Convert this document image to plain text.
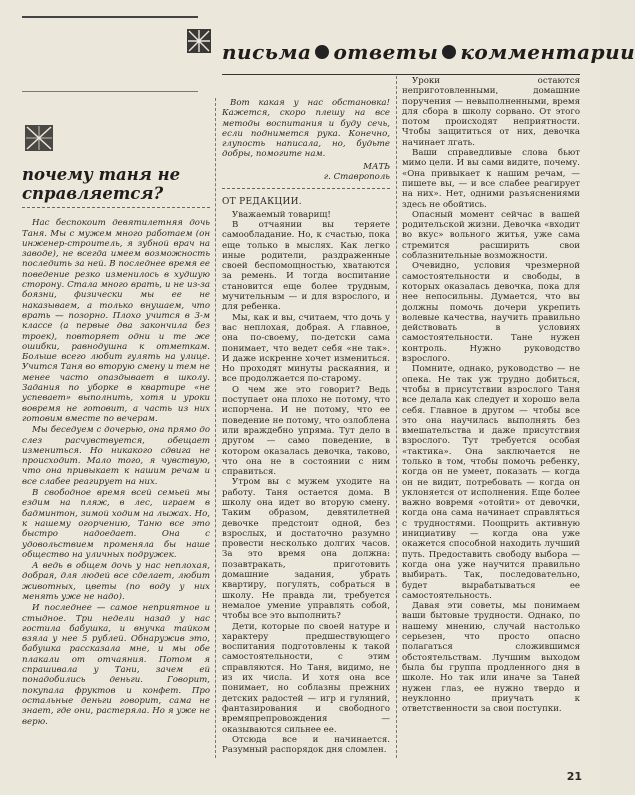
письма ответы комментарии
почему таня не справляется?

Нас беспокоит девятилетняя дочь Таня. Мы с мужем много работаем (он инженер-строитель, я зубной врач на заводе), не всегда имеем возможность последить за ней. В последнее время ее поведение резко изменилось в худшую сторону. Стала много врать, и не из-за боязни, физически мы ее не наказываем, а только внушаем, что врать — позорно. Плохо учится в 3-м классе (а первые два закончила без троек), повторяет одни и те же ошибки, равнодушна к отметкам. Больше всего любит гулять на улице. Учится Таня во вторую смену и тем не менее часто опаздывает в школу. Задания по уборке в квартире «не успевает» выполнить, хотя и уроки вовремя не готовит, а часть из них готовим вместе по вечерам.

Мы беседуем с дочерью, она прямо до слез расчувствуется, обещает измениться. Но никакого сдвига не происходит. Мало того, я чувствую, что она привыкает к нашим речам и все слабее реагирует на них.

В свободное время всей семьей мы ездим на пляж, в лес, играем в бадминтон, зимой ходим на лыжах. Но, к нашему огорчению, Таню все это быстро надоедает. Она с удовольствием променяла бы наше общество на уличных подружек.

А ведь в общем дочь у нас неплохая, добрая, для людей все сделает, любит животных, цветы (по воду у них менять уже не надо).

И последнее — самое неприятное и стыдное. Три недели назад у нас гостила бабушка, и внучка тайком взяла у нее 5 рублей. Обнаружив это, бабушка рассказала мне, и мы обе плакали от отчаяния. Потом я спрашивала у Тани, зачем ей понадобились деньги. Говорит, покупала фруктов и конфет. Про остальные деньги говорит, сама не знает, где они, растеряла. Но я уже не верю.

Вот какая у нас обстановка! Кажется, скоро плешу на все методы воспитания и буду сечь, если поднимется рука. Конечно, глупость написала, но, будьте добры, помогите нам.

МАТЬ
г. Ставрополь
ОТ РЕДАКЦИИ.

Уважаемый товарищ!

В отчаянии вы теряете самообладание. Но, к счастью, пока еще только в мыслях. Как легко иные родители, раздраженные своей беспомощностью, хватаются за ремень. И тогда воспитание становится еще более трудным, мучительным — и для взрослого, и для ребенка.

Мы, как и вы, считаем, что дочь у вас неплохая, добрая. А главное, она по-своему, по-детски сама понимает, что ведет себя «не так». И даже искренне хочет измениться. Но проходят минуты раскаяния, и все продолжается по-старому.

О чем же это говорит? Ведь поступает она плохо не потому, что испорчена. И не потому, что ее поведение не потому, что озлоблена или враждебно упряма. Тут дело в другом — само поведение, в котором оказалась девочка, таково, что она не в состоянии с ним справиться.

Утром вы с мужем уходите на работу. Таня остается дома. В школу она идет во вторую смену. Таким образом, девятилетней девочке предстоит одной, без взрослых, и достаточно разумно провести несколько долгих часов. За это время она должна: позавтракать, приготовить домашние задания, убрать квартиру, погулять, собраться в школу. Не правда ли, требуется немалое умение управлять собой, чтобы все это выполнить?

Дети, которые по своей натуре и характеру предшествующего воспитания подготовлены к такой самостоятельности, с этим справляются. Но Таня, видимо, не из их числа. И хотя она все понимает, но соблазны прежних детских радостей — игр и гуляний, фантазирования и свободного времяпрепровождения — оказываются сильнее ее.

Отсюда все и начинается. Разумный распорядок дня сломлен.

Уроки остаются неприготовленными, домашние поручения — невыполненными, время для сбора в школу сорвано. От этого потом происходят неприятности. Чтобы защититься от них, девочка начинает лгать.

Ваши справедливые слова бьют мимо цели. И вы сами видите, почему. «Она привыкает к нашим речам, — пишете вы, — и все слабее реагирует на них». Нет, одними разъяснениями здесь не обойтись.

Опасный момент сейчас в вашей родительской жизни. Девочка «входит во вкус» вольного житья, уже сама стремится расширить свои соблазнительные возможности.

Очевидно, условия чрезмерной самостоятельности и свободы, в которых оказалась девочка, пока для нее непосильны. Думается, что вы должны помочь дочери укрепить волевые качества, научить правильно действовать в условиях самостоятельности. Тане нужен контроль. Нужно руководство взрослого.

Помните, однако, руководство — не опека. Не так уж трудно добиться, чтобы в присутствии взрослого Таня все делала как следует и хорошо вела себя. Главное в другом — чтобы все это она научилась выполнять без вмешательства и даже присутствия взрослого. Тут требуется особая «тактика». Она заключается не только в том, чтобы помочь ребенку, когда он не умеет, показать — когда он не видит, потребовать — когда он уклоняется от исполнения. Еще более важно вовремя «отойти» от девочки, когда она сама начинает справляться с трудностями. Поощрить активную инициативу — когда она уже окажется способной находить лучший путь. Предоставить свободу выбора — когда она уже научится правильно выбирать. Так, последовательно, будет вырабатываться ее самостоятельность.

Давая эти советы, мы понимаем ваши бытовые трудности. Однако, по нашему мнению, случай настолько серьезен, что просто опасно полагаться сложившимся обстоятельствам. Лучшим выходом была бы группа продленного дня в школе. Но так или иначе за Таней нужен глаз, ее нужно твердо и неуклонно приучать к ответственности за свои поступки.

21
